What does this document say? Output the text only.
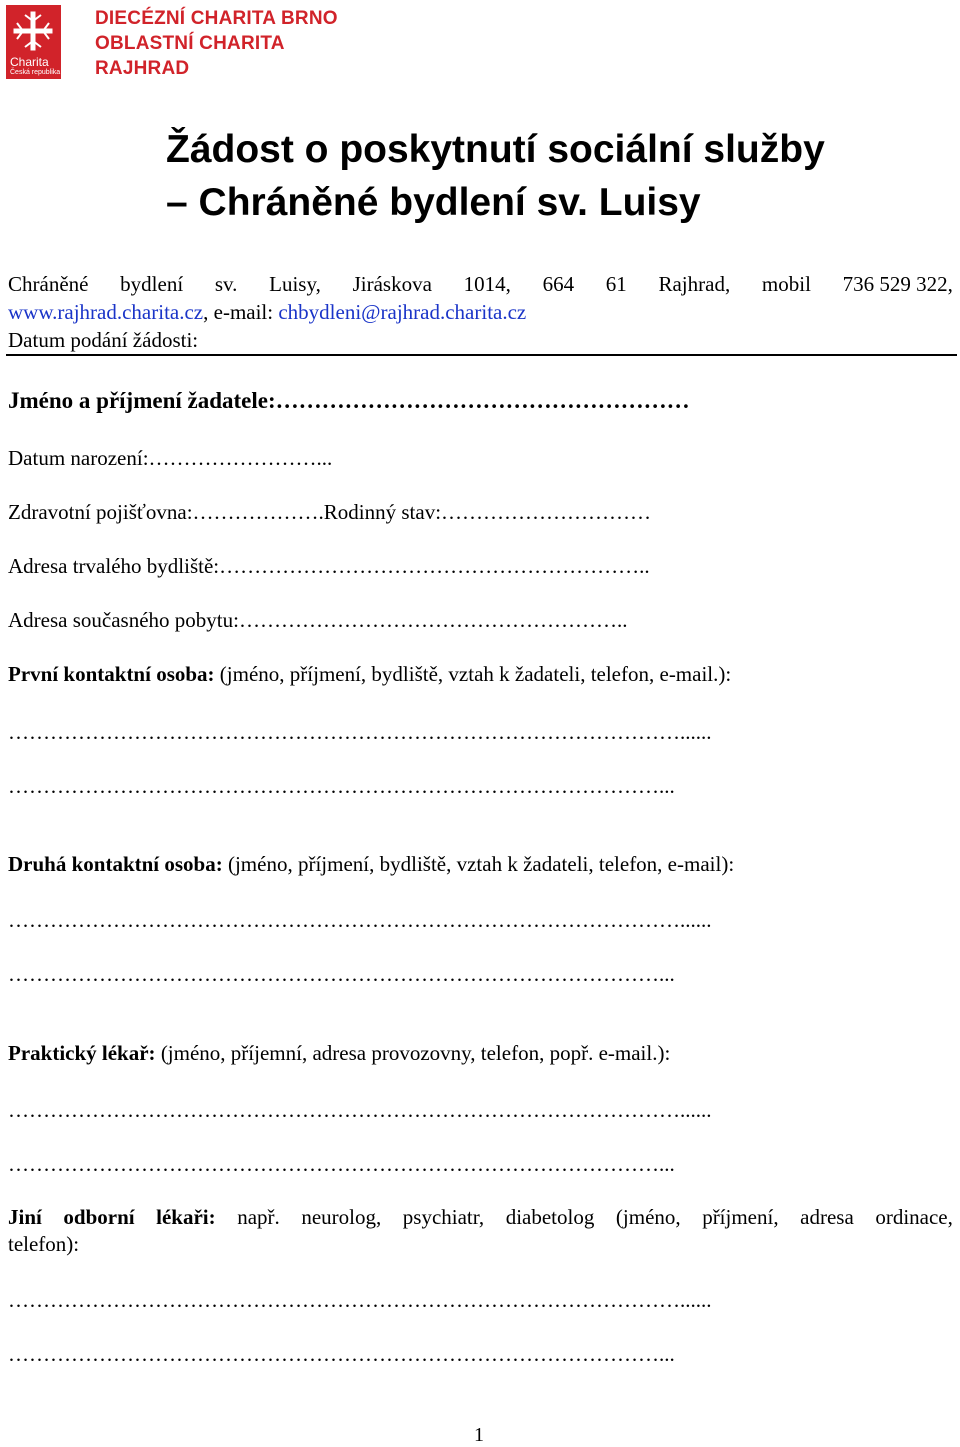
Charita
Česká republika
DIECÉZNÍ CHARITA BRNO
OBLASTNÍ CHARITA
RAJHRAD
Žádost o poskytnutí sociální služby
– Chráněné bydlení sv. Luisy
Chráněné bydlení sv. Luisy, Jiráskova 1014, 664 61 Rajhrad, mobil 736 529 322,
www.rajhrad.charita.cz, e-mail: chbydleni@rajhrad.charita.cz
Datum podání žádosti:
Jméno a příjmení žadatele:………………………………………………
Datum narození:……………………...
Zdravotní pojišťovna:……………….Rodinný stav:…………………………
Adresa trvalého bydliště:……………………………………………………..
Adresa současného pobytu:………………………………………………..
První kontaktní osoba: (jméno, příjmení, bydliště, vztah k žadateli, telefon, e-mail.):
……………………………………………………………………………………......
…………………………………………………………………………………...
Druhá kontaktní osoba: (jméno, příjmení, bydliště, vztah k žadateli, telefon, e-mail):
……………………………………………………………………………………......
…………………………………………………………………………………...
Praktický lékař: (jméno, příjemní, adresa provozovny, telefon, popř. e-mail.):
……………………………………………………………………………………......
…………………………………………………………………………………...
Jiní odborní lékaři: např. neurolog, psychiatr, diabetolog (jméno, příjmení, adresa ordinace,
telefon):
……………………………………………………………………………………......
…………………………………………………………………………………...
1
